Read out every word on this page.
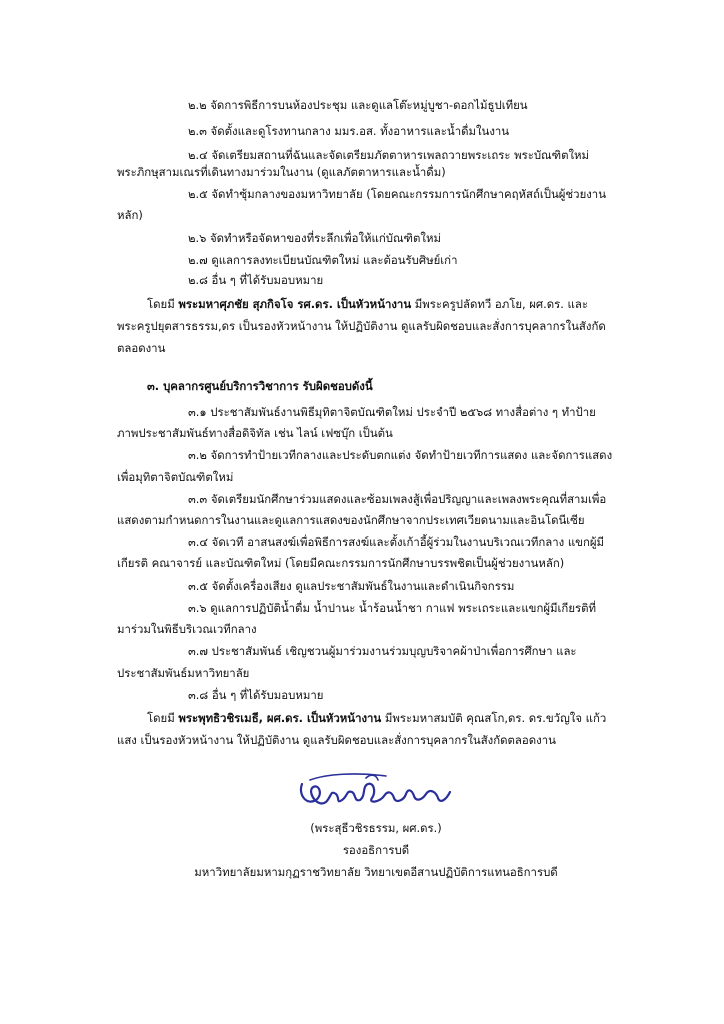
๒.๒ จัดการพิธีการบนห้องประชุม และดูแลโต๊ะหมู่บูชา-ดอกไม้ธูปเทียน
๒.๓ จัดตั้งและดูโรงทานกลาง มมร.อส. ทั้งอาหารและน้ำดื่มในงาน
๒.๔ จัดเตรียมสถานที่ฉันและจัดเตรียมภัตตาหารเพลถวายพระเถระ พระบัณฑิตใหม่
พระภิกษุสามเณรที่เดินทางมาร่วมในงาน (ดูแลภัตตาหารและน้ำดื่ม)
๒.๕ จัดทำซุ้มกลางของมหาวิทยาลัย (โดยคณะกรรมการนักศึกษาคฤหัสถ์เป็นผู้ช่วยงาน
หลัก)
๒.๖ จัดทำหรือจัดหาของที่ระลึกเพื่อให้แก่บัณฑิตใหม่
๒.๗ ดูแลการลงทะเบียนบัณฑิตใหม่ และต้อนรับศิษย์เก่า
๒.๘ อื่น ๆ ที่ได้รับมอบหมาย
โดยมี พระมหาศุภชัย สุภกิจโจ รศ.ดร. เป็นหัวหน้างาน มีพระครูปลัดทวี อภโย, ผศ.ดร. และ
พระครูปยุตสารธรรม,ดร เป็นรองหัวหน้างาน ให้ปฏิบัติงาน ดูแลรับผิดชอบและสั่งการบุคลากรในสังกัด
ตลอดงาน
๓. บุคลากรศูนย์บริการวิชาการ รับผิดชอบดังนี้
๓.๑ ประชาสัมพันธ์งานพิธีมุทิตาจิตบัณฑิตใหม่ ประจำปี ๒๕๖๘ ทางสื่อต่าง ๆ ทำป้าย
ภาพประชาสัมพันธ์ทางสื่อดิจิทัล เช่น ไลน์ เฟซบุ๊ก เป็นต้น
๓.๒ จัดการทำป้ายเวทีกลางและประดับตกแต่ง จัดทำป้ายเวทีการแสดง และจัดการแสดง
เพื่อมุทิตาจิตบัณฑิตใหม่
๓.๓ จัดเตรียมนักศึกษาร่วมแสดงและซ้อมเพลงสู้เพื่อปริญญาและเพลงพระคุณที่สามเพื่อ
แสดงตามกำหนดการในงานและดูแลการแสดงของนักศึกษาจากประเทศเวียดนามและอินโดนีเซีย
๓.๔ จัดเวที อาสนสงฆ์เพื่อพิธีการสงฆ์และตั้งเก้าอี้ผู้ร่วมในงานบริเวณเวทีกลาง แขกผู้มี
เกียรติ คณาจารย์ และบัณฑิตใหม่ (โดยมีคณะกรรมการนักศึกษาบรรพชิตเป็นผู้ช่วยงานหลัก)
๓.๕ จัดตั้งเครื่องเสียง ดูแลประชาสัมพันธ์ในงานและดำเนินกิจกรรม
๓.๖ ดูแลการปฏิบัติน้ำดื่ม น้ำปานะ น้ำร้อนน้ำชา กาแฟ พระเถระและแขกผู้มีเกียรติที่
มาร่วมในพิธีบริเวณเวทีกลาง
๓.๗ ประชาสัมพันธ์ เชิญชวนผู้มาร่วมงานร่วมบุญบริจาคผ้าป่าเพื่อการศึกษา และ
ประชาสัมพันธ์มหาวิทยาลัย
๓.๘ อื่น ๆ ที่ได้รับมอบหมาย
โดยมี พระพุทธิวชิรเมธี, ผศ.ดร. เป็นหัวหน้างาน มีพระมหาสมบัติ คุณสโก,ดร. ดร.ขวัญใจ แก้ว
แสง เป็นรองหัวหน้างาน ให้ปฏิบัติงาน ดูแลรับผิดชอบและสั่งการบุคลากรในสังกัดตลอดงาน
(พระสุธีวชิรธรรม, ผศ.ดร.)
รองอธิการบดี
มหาวิทยาลัยมหามกุฏราชวิทยาลัย วิทยาเขตอีสานปฏิบัติการแทนอธิการบดี
